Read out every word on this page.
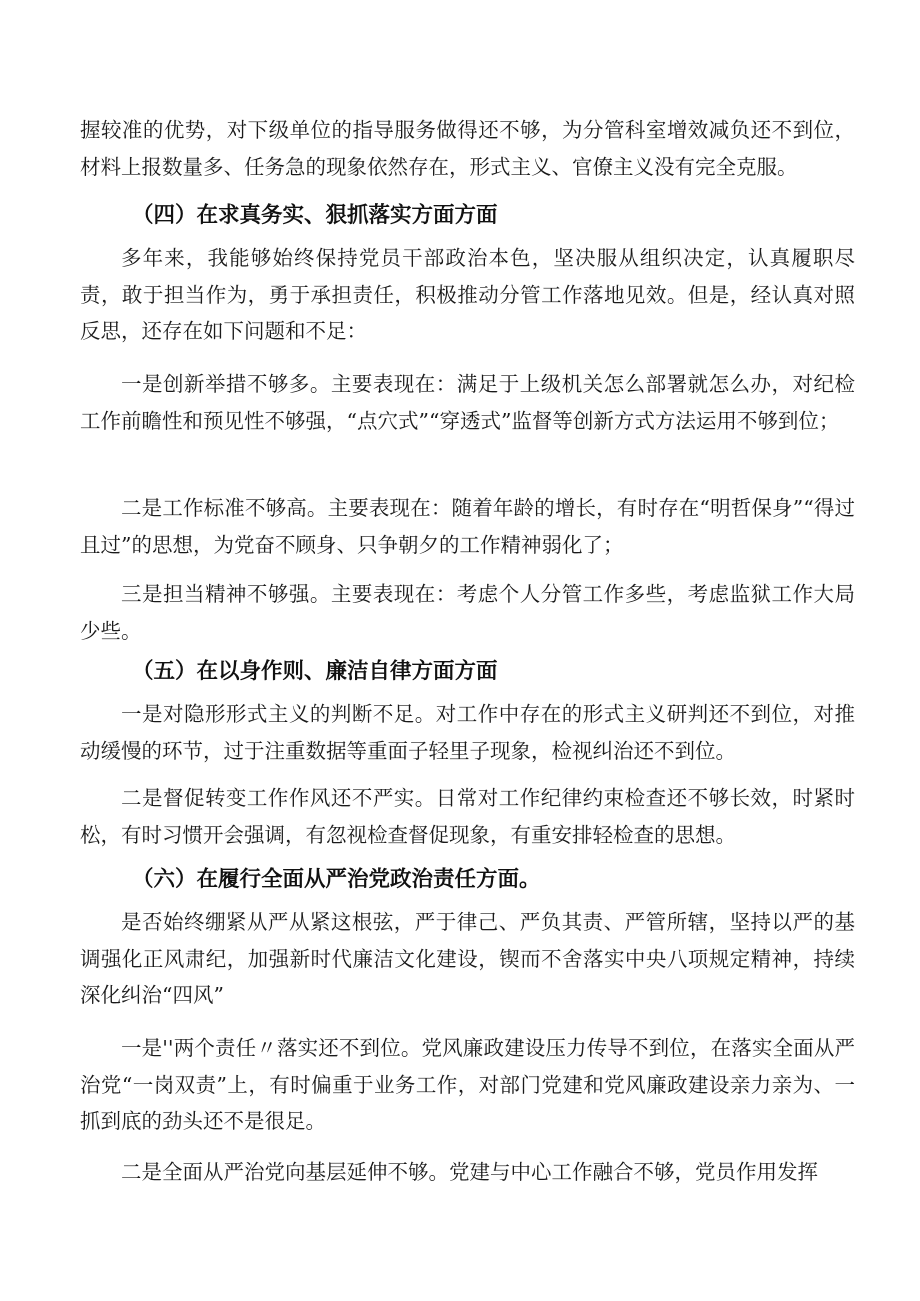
握较准的优势，对下级单位的指导服务做得还不够，为分管科室增效减负还不到位，材料上报数量多、任务急的现象依然存在，形式主义、官僚主义没有完全克服。

（四）在求真务实、狠抓落实方面方面

多年来，我能够始终保持党员干部政治本色，坚决服从组织决定，认真履职尽责，敢于担当作为，勇于承担责任，积极推动分管工作落地见效。但是，经认真对照反思，还存在如下问题和不足：

一是创新举措不够多。主要表现在：满足于上级机关怎么部署就怎么办，对纪检工作前瞻性和预见性不够强，“点穴式”“穿透式”监督等创新方式方法运用不够到位；

二是工作标准不够高。主要表现在：随着年龄的增长，有时存在“明哲保身”“得过且过”的思想，为党奋不顾身、只争朝夕的工作精神弱化了；

三是担当精神不够强。主要表现在：考虑个人分管工作多些，考虑监狱工作大局少些。

（五）在以身作则、廉洁自律方面方面

一是对隐形形式主义的判断不足。对工作中存在的形式主义研判还不到位，对推动缓慢的环节，过于注重数据等重面子轻里子现象，检视纠治还不到位。

二是督促转变工作作风还不严实。日常对工作纪律约束检查还不够长效，时紧时松，有时习惯开会强调，有忽视检查督促现象，有重安排轻检查的思想。

（六）在履行全面从严治党政治责任方面。

是否始终绷紧从严从紧这根弦，严于律己、严负其责、严管所辖，坚持以严的基调强化正风肃纪，加强新时代廉洁文化建设，锲而不舍落实中央八项规定精神，持续深化纠治“四风”

一是''两个责任〃落实还不到位。党风廉政建设压力传导不到位，在落实全面从严治党“一岗双责”上，有时偏重于业务工作，对部门党建和党风廉政建设亲力亲为、一抓到底的劲头还不是很足。

二是全面从严治党向基层延伸不够。党建与中心工作融合不够，党员作用发挥
